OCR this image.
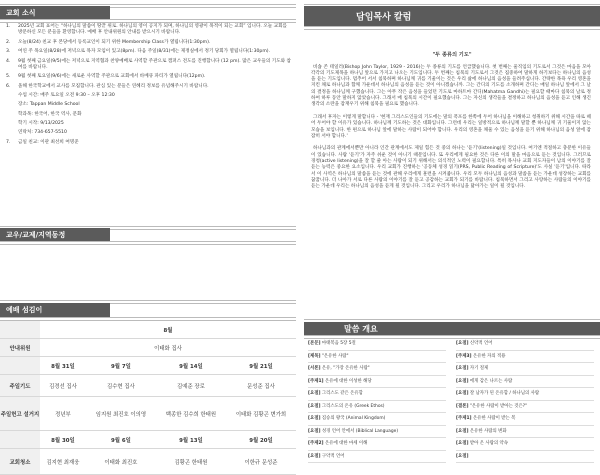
교회 소식
1.	2025년 교회 표어는 “하나님의 말씀이 땅끝 위로. 하나님의 영이 공지가 되며, 하나님의 영광이 목적이 되는 교회” 입니다. 오늘 교회를 방문하신 모든 분들을 환영합니다. 예배 후 안내위원의 안내를 받으시기 바랍니다.
2.	오늘(8/24) 친교 후 본당에서 등록교인이 되기 위한 Membership Class가 열립니다(1:30pm).
3.	여연 주 목요일(8/28)에 저녁으로 목자 모임이 있고(8pm). 다음 주일(8/31)에는 제정실에서 정기 당회가 열립니다(1:30pm).
4.	9월 첫째 금요일(9/5)에는 저녁으로 지역협과 찬양예배로 사역할 주관으로 캠퍼스 전도를 진행합니다 (12 pm). 많은 교우들의 기도와 참여를 바랍니다.
5.	9월 첫째 토요일(9/6)에는 새로운 사역할 주관으로 교회에서 바베큐 파티가 열립니다(12pm).
6.	올해 한국학교에서 교사를 모집합니다. 관심 있는 분들은 연혜리 정보를 유념해주시기 바랍니다.
수업 시간: 매주 토요일 오전 9:30 – 오후 12:30
장소: Tappan Middle School
학과목: 한국어, 한국 역사, 문화
학기 시작: 9/13/2025
연락처: 734-657-5510
7.	금일 친교: 이관 최선희 여명준
교우/교제/지역동정
예배 섬김이
	8월			
안내위원	이태화 집사			
	8월 31일	9월 7일	9월 14일	9월 21일
주일기도	김경선 집사	김수현 집사	김예준 장로	문성준 집사
주일헌고 설거지	정년부	임지원 최진호 이의영	백종한 김수희 한태원	이태화 김황곤 변가희
	8월 30일	9월 6일	9월 13일	9월 20일
교회청소	김지현 최재웅	이태화 최진호	김황곤 한태원	이한규 문성준
담임목사 칼럼

"두 종류의 기도"

비숍 존 테일러(Bishop John Taylor, 1929 - 2016)는 두 종류의 기도를 언급했습니다. 첫 번째는 울직임의 기도로서 그것은 마음을 모아 각각의 기도제목을 하나님 앞으로 가지고 나오는 기도입니다. 두 번째는 침묵의 기도로서 그것은 집중하여 말하게 하기보다는 하나님의 음성을 듣는 기도입니다. 멈추어 서서 침묵하며 하나님께 귀를 기울이는 것은 우리 삶에 하나님의 음성을 들려주십니다. 간략한 목욕 우리 영혼을 지킨 채로 하나님과 함께 가운데서 하나님의 음성을 듣는 것이 아니겠습니까. 그는 간디의 기도를 소개하며 간디는 매일 하나님 앞에서 그 날의 결정을 하나님께 구했습니다. 그는 아무 작은 음성을 들었던 기도로 마하트마 간디(Mahatma Gandhi)는 필요할 때마다 침묵의 날로 정하여 하루 동안 말하지 않았습니다. 그래서 매 침묵의 시간이 필요했습니다. 그는 자신의 생각들을 결정하고 하나님의 음성을 듣고 인해 생긴 생각의 소란을 잠재우기 위해 침묵을 필요로 했습니다.

그래서 후자는 이렇게 말합니다 - '현재 그리스도인들의 기도에는 말의 폭포를 한쪽에 두어 하나님을 이해하고 청취하기 위해 시간을 따로 떼어 두어야 할 이유가 있습니다. 하나님께 기도하는 것은 대화입니다. 그런데 우리는 일방적으로 하나님께 말할 뿐 하나님께 귀 기울이지 않는 모습을 보입니다. 한 편으로 하나님 앞에 말하는 사람이 되어야 합니다. 우리의 영혼을 채울 수 있는 음성을 듣기 위해 하나님의 음성 앞에 잠잠히 서야 합니다.'

하나님과의 관계에서뿐만 아니라 인간 관계에서도 제일 힘든 것 중의 하나는 '듣기'(listening)일 것입니다. 여기엔 적절하고 충분한 이유들이 있습니다. 사람 '듣기'가 자주 쉬운 것이 아니기 때문입니다. 또 우리에게 필요한 것은 다른 이의 말을 마음으로 듣는 것입니다. 그러므로 경청(active listening)을 잘 할 줄 아는 사람이 되기 위해서는 의식적인 노력이 필요합니다. 특히 목사나 교회 지도자들이 남의 이야기를 잘 듣는 능력은 중요한 요소입니다. 우리 교회가 진행하는 '공동체 성경 읽기(PRS, Public Reading of Scripture)'도 사실 '듣기'입니다. 따라서 이 사역은 하나님의 말씀을 듣는 것에 관해 우리에게 훈련을 시켜줍니다. 우리 모두 하나님의 음성과 말씀을 듣는 가운데 성장하는 교회를 꿈꿉니다. 더 나아가 서로 다른 사람의 이야기를 잘 듣고 공감하는 교회가 되기를 바랍니다. 침묵하면서 그리고 사랑하는 사람들의 이야기를 듣는 가운데 우리는 하나님의 음성을 듣게 될 것입니다. 그리고 우리가 하나님을 닮아가는 일이 될 것입니다.

말씀 개요
[본문] 마태복음 5장 5절
[제목] "온유한 사람"
[서론] 온유, "가장 온유한 사람"
[주제1] 온유에 대한 이성한 해당
[요점] 그리스도 같은 온유함
[요점] 그리스도의 온유 (Greek Ethos)
[요점] 짐승의 왕국 (Animal Kingdom)
[요점] 성경 언어 안에서 (Biblical Language)
[주제2] 온유에 대한 마세 이해
[요점] 구약적 언어
[요점] 신약적 언어
[주제3] 온유한 자의 적용
[요점] 자기 절제
[요점] 에게 감은 나르는 사람
[요점] 잘 남자가 된 온유함 / 하나님의 사람
[결론] "온유한 사람이 받아는 것은?"
[주제1] 온유한 사람이 받는 복
[요점] 온유한 사람의 변화
[요점] 받아 온 사람의 약속
[요점]
